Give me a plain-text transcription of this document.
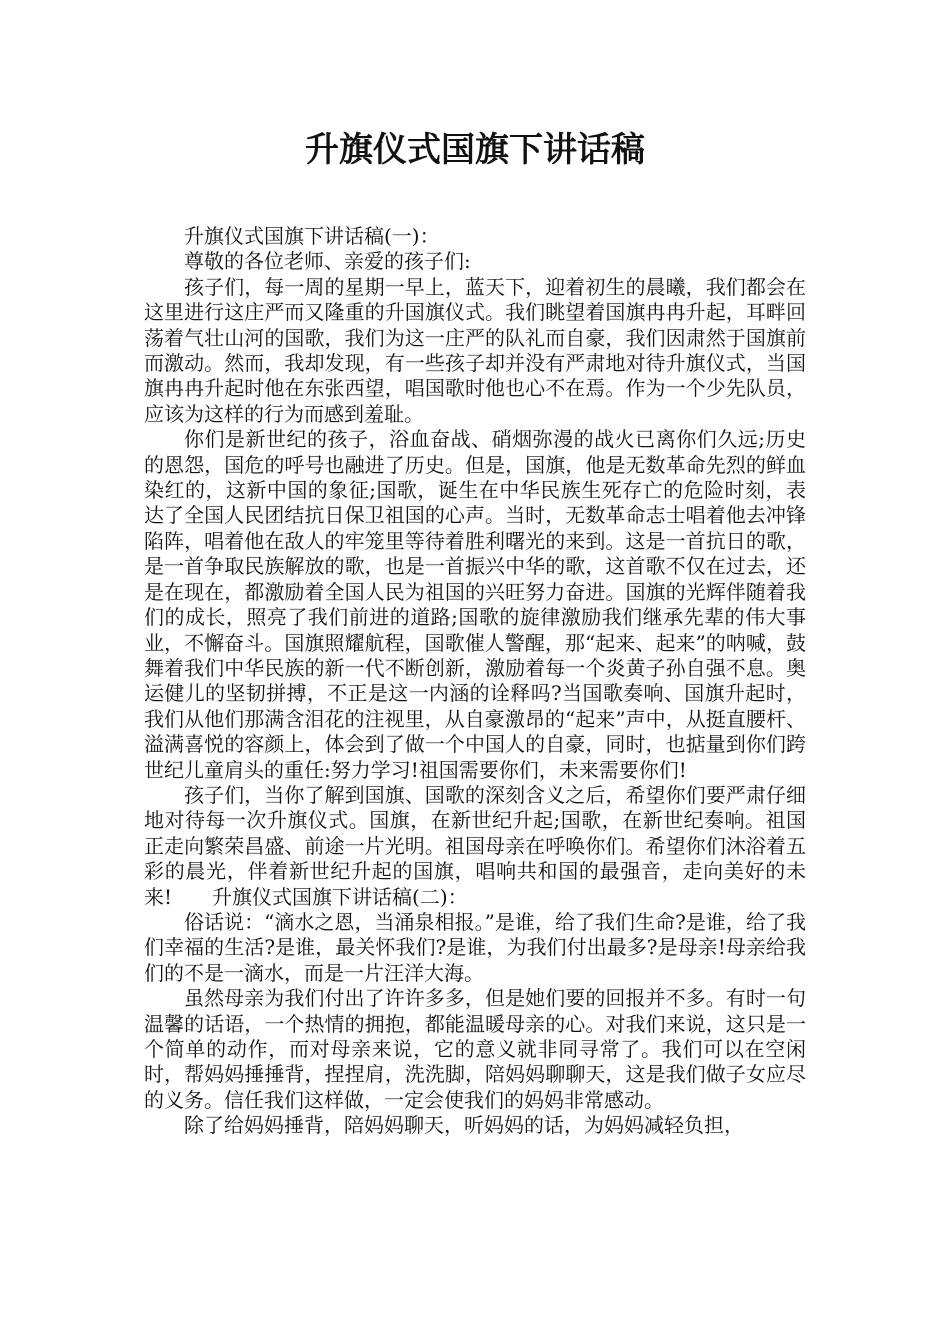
升旗仪式国旗下讲话稿

升旗仪式国旗下讲话稿(一)：

尊敬的各位老师、亲爱的孩子们:

孩子们，每一周的星期一早上，蓝天下，迎着初生的晨曦，我们都会在这里进行这庄严而又隆重的升国旗仪式。我们眺望着国旗冉冉升起，耳畔回荡着气壮山河的国歌，我们为这一庄严的队礼而自豪，我们因肃然于国旗前而激动。然而，我却发现，有一些孩子却并没有严肃地对待升旗仪式，当国旗冉冉升起时他在东张西望，唱国歌时他也心不在焉。作为一个少先队员，应该为这样的行为而感到羞耻。

你们是新世纪的孩子，浴血奋战、硝烟弥漫的战火已离你们久远;历史的恩怨，国危的呼号也融进了历史。但是，国旗，他是无数革命先烈的鲜血染红的，这新中国的象征;国歌，诞生在中华民族生死存亡的危险时刻，表达了全国人民团结抗日保卫祖国的心声。当时，无数革命志士唱着他去冲锋陷阵，唱着他在敌人的牢笼里等待着胜利曙光的来到。这是一首抗日的歌，是一首争取民族解放的歌，也是一首振兴中华的歌，这首歌不仅在过去，还是在现在，都激励着全国人民为祖国的兴旺努力奋进。国旗的光辉伴随着我们的成长，照亮了我们前进的道路;国歌的旋律激励我们继承先辈的伟大事业，不懈奋斗。国旗照耀航程，国歌催人警醒，那“起来、起来”的呐喊，鼓舞着我们中华民族的新一代不断创新，激励着每一个炎黄子孙自强不息。奥运健儿的坚韧拼搏，不正是这一内涵的诠释吗?当国歌奏响、国旗升起时，我们从他们那满含泪花的注视里，从自豪激昂的“起来”声中，从挺直腰杆、溢满喜悦的容颜上，体会到了做一个中国人的自豪，同时，也掂量到你们跨世纪儿童肩头的重任:努力学习!祖国需要你们，未来需要你们!

孩子们，当你了解到国旗、国歌的深刻含义之后，希望你们要严肃仔细地对待每一次升旗仪式。国旗，在新世纪升起;国歌，在新世纪奏响。祖国正走向繁荣昌盛、前途一片光明。祖国母亲在呼唤你们。希望你们沐浴着五彩的晨光，伴着新世纪升起的国旗，唱响共和国的最强音，走向美好的未来!　　升旗仪式国旗下讲话稿(二)：

俗话说：“滴水之恩，当涌泉相报。”是谁，给了我们生命?是谁，给了我们幸福的生活?是谁，最关怀我们?是谁，为我们付出最多?是母亲!母亲给我们的不是一滴水，而是一片汪洋大海。

虽然母亲为我们付出了许许多多，但是她们要的回报并不多。有时一句温馨的话语，一个热情的拥抱，都能温暖母亲的心。对我们来说，这只是一个简单的动作，而对母亲来说，它的意义就非同寻常了。我们可以在空闲时，帮妈妈捶捶背，捏捏肩，洗洗脚，陪妈妈聊聊天，这是我们做子女应尽的义务。信任我们这样做，一定会使我们的妈妈非常感动。

除了给妈妈捶背，陪妈妈聊天，听妈妈的话，为妈妈减轻负担，
